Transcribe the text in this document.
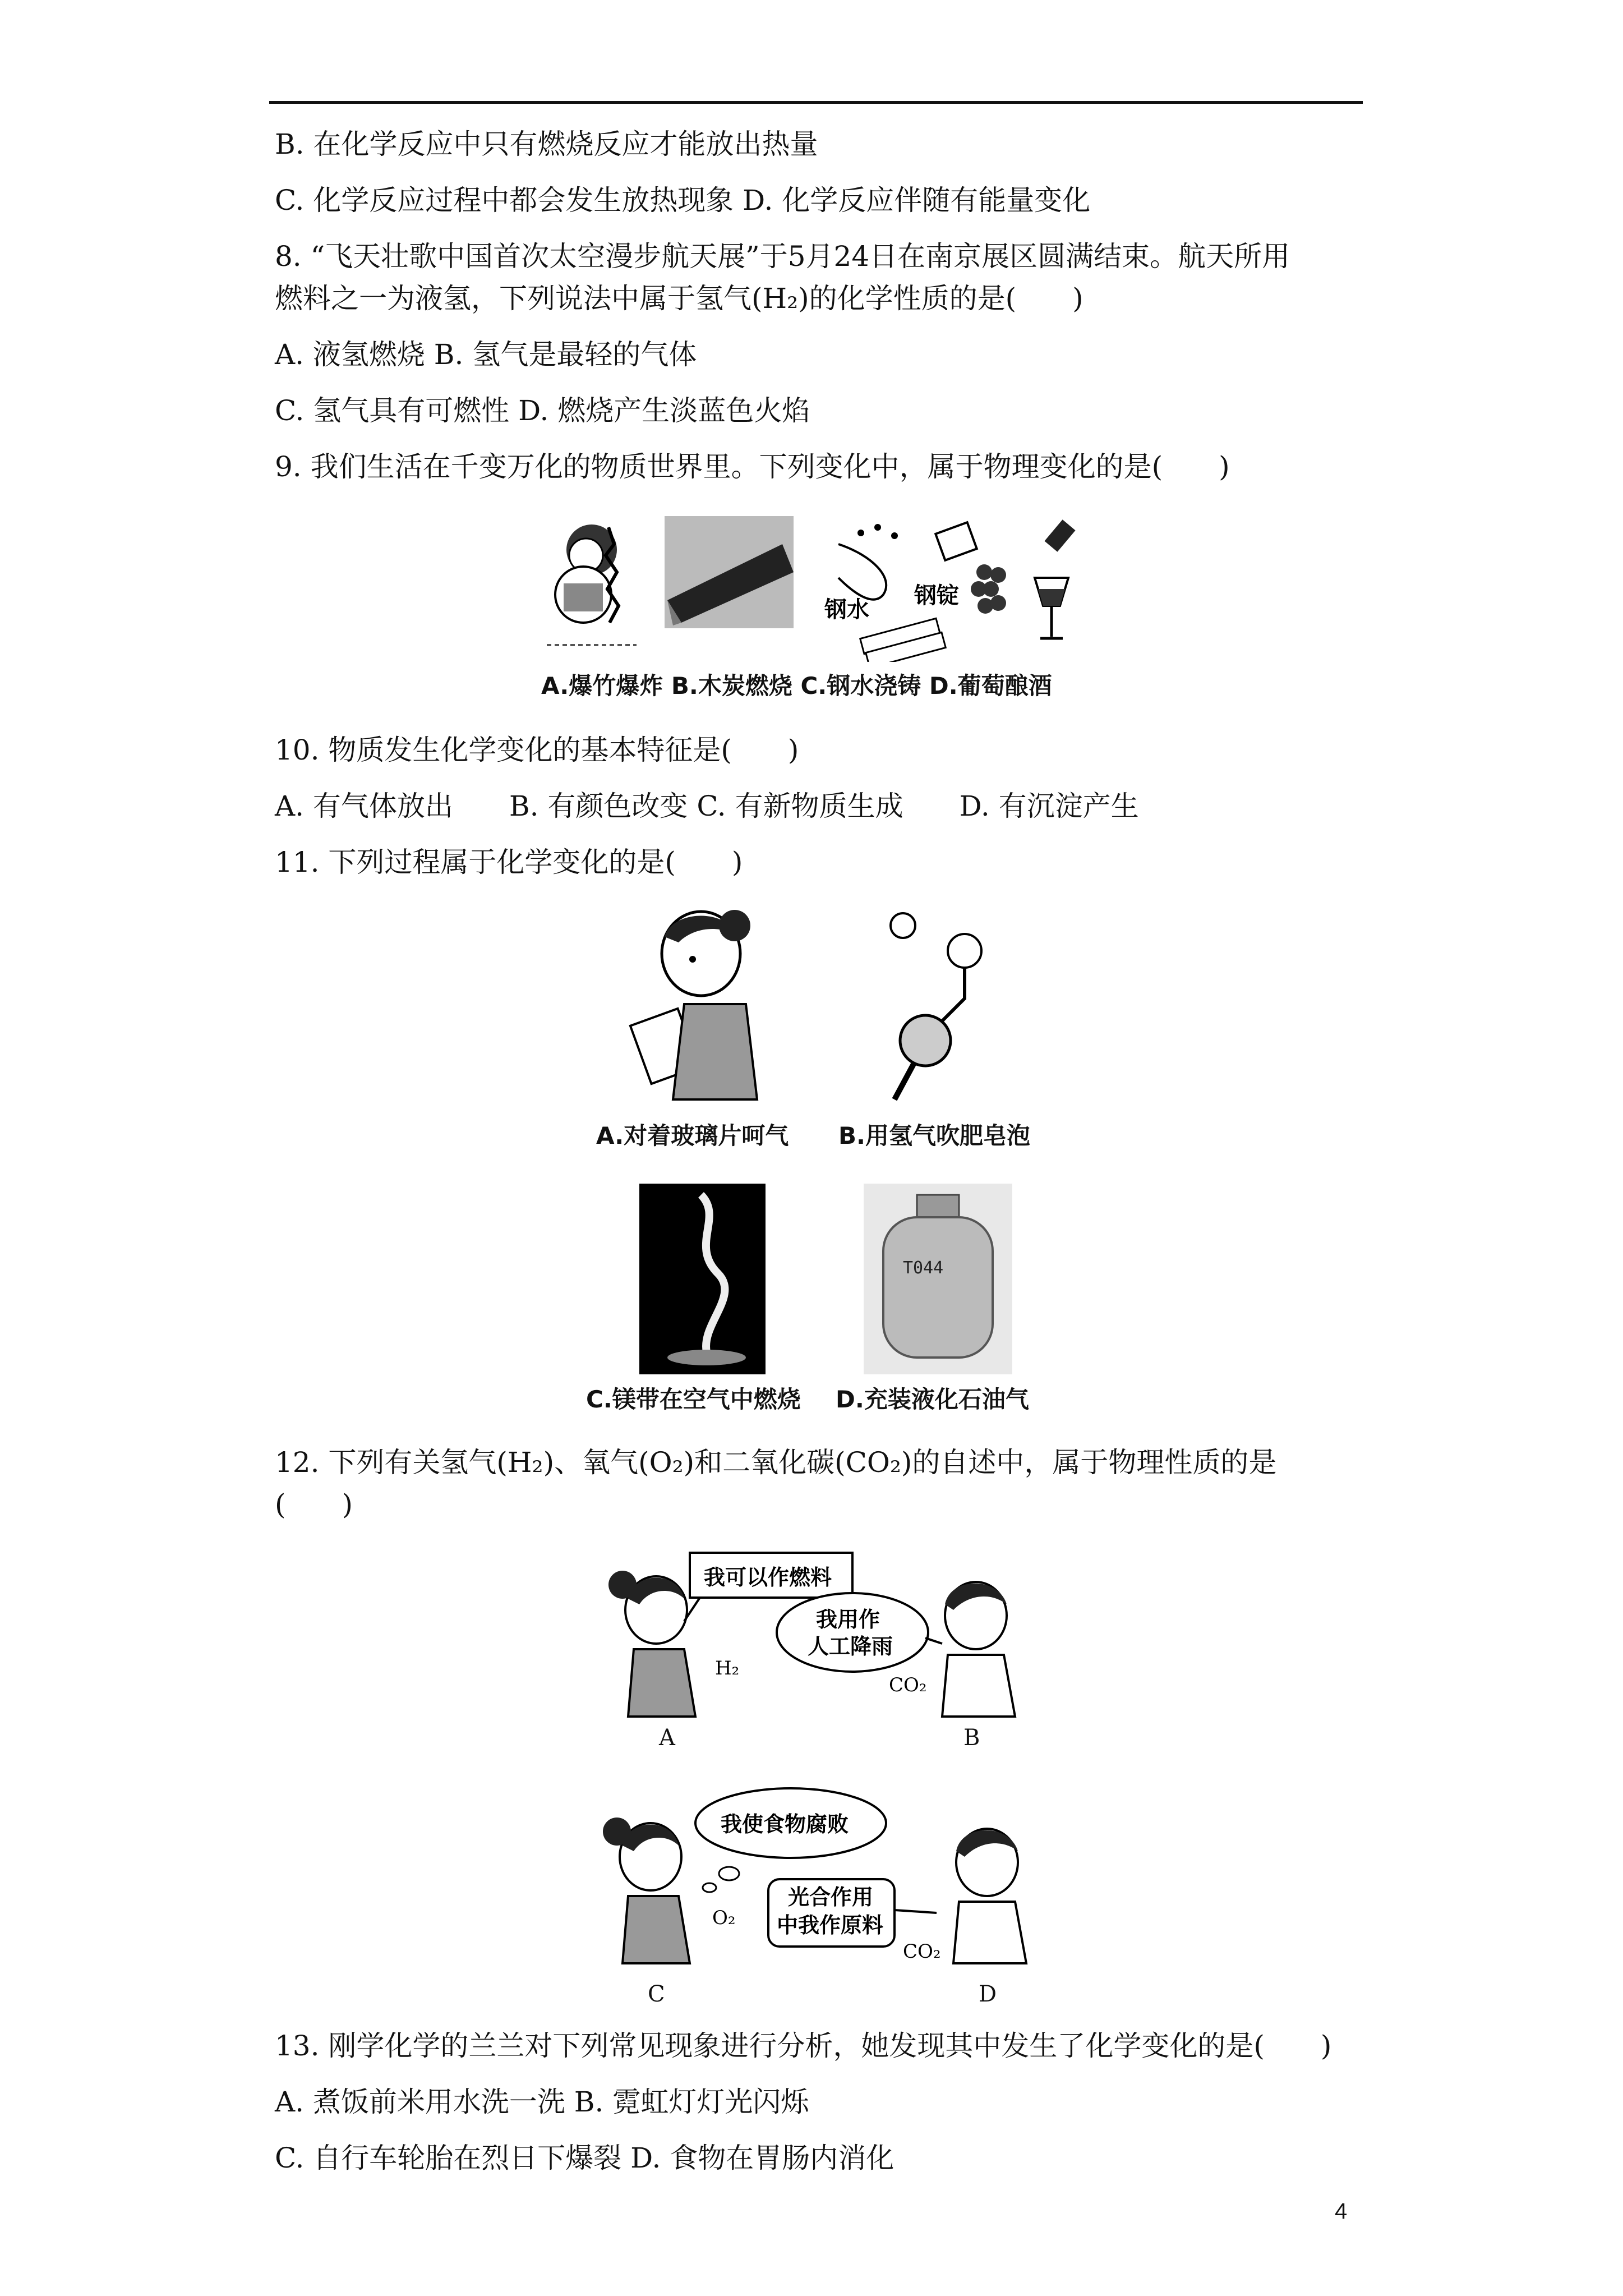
B. 在化学反应中只有燃烧反应才能放出热量
C. 化学反应过程中都会发生放热现象 D. 化学反应伴随有能量变化
8. “飞天壮歌中国首次太空漫步航天展”于5月24日在南京展区圆满结束。航天所用
燃料之一为液氢，下列说法中属于氢气(H₂)的化学性质的是(　　)
A. 液氢燃烧 B. 氢气是最轻的气体
C. 氢气具有可燃性 D. 燃烧产生淡蓝色火焰
9. 我们生活在千变万化的物质世界里。下列变化中，属于物理变化的是(　　)
钢水
钢锭
A.爆竹爆炸 B.木炭燃烧 C.钢水浇铸 D.葡萄酿酒
10. 物质发生化学变化的基本特征是(　　)
A. 有气体放出　　B. 有颜色改变 C. 有新物质生成　　D. 有沉淀产生
11. 下列过程属于化学变化的是(　　)
A.对着玻璃片呵气 B.用氢气吹肥皂泡
T044
C.镁带在空气中燃烧 D.充装液化石油气
12. 下列有关氢气(H₂)、氧气(O₂)和二氧化碳(CO₂)的自述中，属于物理性质的是
(　　)
我可以作燃料
H₂
我用作
人工降雨
CO₂
A	B
我使食物腐败
O₂
光合作用
中我作原料
CO₂
C	D
13. 刚学化学的兰兰对下列常见现象进行分析，她发现其中发生了化学变化的是(　　)
A. 煮饭前米用水洗一洗 B. 霓虹灯灯光闪烁
C. 自行车轮胎在烈日下爆裂 D. 食物在胃肠内消化
4
